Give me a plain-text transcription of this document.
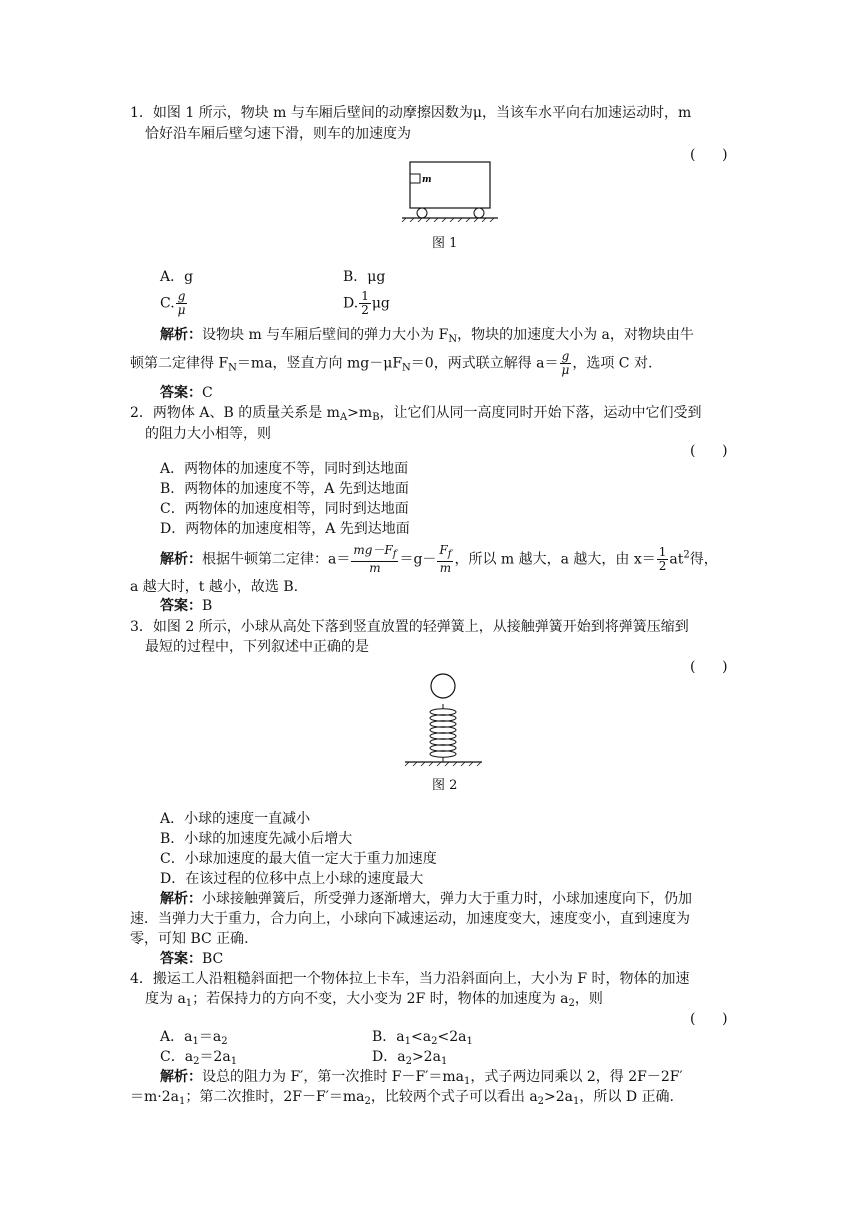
1．如图 1 所示，物块 m 与车厢后壁间的动摩擦因数为μ，当该车水平向右加速运动时，m
恰好沿车厢后壁匀速下滑，则车的加速度为
(      )
m
图 1
A．g	B．μg
C. $\frac{g}{\mu}$	D. $\frac{1}{2}$ μg
解析：设物块 m 与车厢后壁间的弹力大小为 $F_N$，物块的加速度大小为 a，对物块由牛
顿第二定律得 $F_N=ma$，竖直方向 $mg-\mu F_N=0$，两式联立解得 $a= \frac{g}{\mu}$ ，选项 C 对.
答案：C
2．两物体 A、B 的质量关系是 $m_A>m_B$，让它们从同一高度同时开始下落，运动中它们受到
的阻力大小相等，则
(      )
A．两物体的加速度不等，同时到达地面
B．两物体的加速度不等，A 先到达地面
C．两物体的加速度相等，同时到达地面
D．两物体的加速度相等，A 先到达地面
解析：根据牛顿第二定律：$a= \frac{mg-F_f}{m} =g- \frac{F_f}{m}$ ，所以 m 越大，a 越大，由 $x= \frac{1}{2} at^2$得，
a 越大时，t 越小，故选 B.
答案：B
3．如图 2 所示，小球从高处下落到竖直放置的轻弹簧上，从接触弹簧开始到将弹簧压缩到
最短的过程中，下列叙述中正确的是
(      )
图 2
A．小球的速度一直减小
B．小球的加速度先减小后增大
C．小球加速度的最大值一定大于重力加速度
D．在该过程的位移中点上小球的速度最大
解析：小球接触弹簧后，所受弹力逐渐增大，弹力大于重力时，小球加速度向下，仍加
速．当弹力大于重力，合力向上，小球向下减速运动，加速度变大，速度变小，直到速度为
零，可知 BC 正确.
答案：BC
4．搬运工人沿粗糙斜面把一个物体拉上卡车，当力沿斜面向上，大小为 F 时，物体的加速
度为 $a_1$；若保持力的方向不变，大小变为 2F 时，物体的加速度为 $a_2$，则
(      )
A．$a_1=a_2$	B．$a_1<a_2<2a_1$
C．$a_2=2a_1$	D．$a_2>2a_1$
解析：设总的阻力为 F′，第一次推时 $F-F'=ma_1$，式子两边同乘以 2，得 2F－2F′
$=m\cdot 2a_1$；第二次推时，$2F-F'=ma_2$，比较两个式子可以看出 $a_2>2a_1$，所以 D 正确.
